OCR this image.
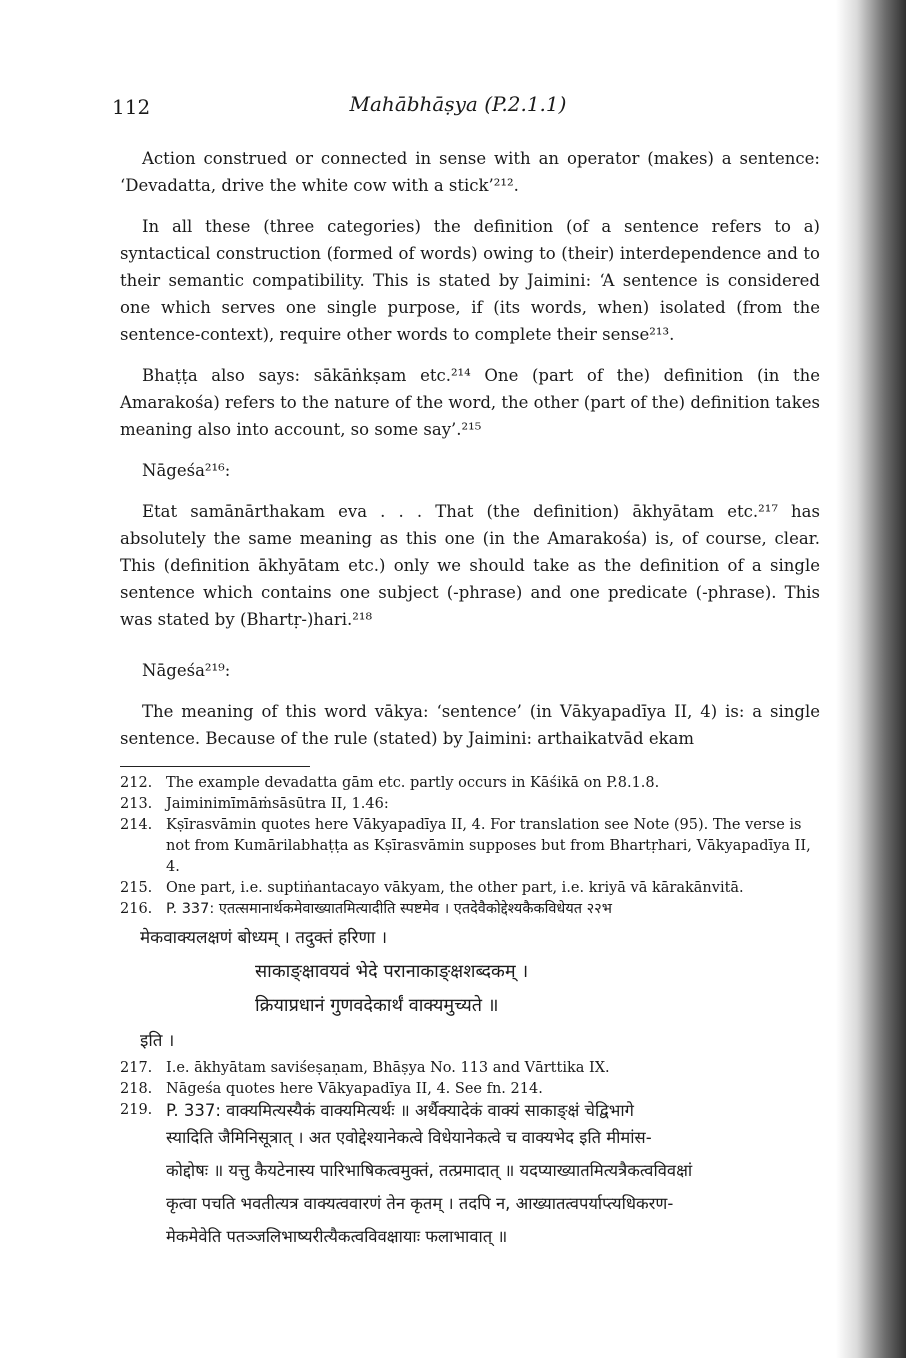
112	Mahābhāṣya (P.2.1.1)

Action construed or connected in sense with an operator (makes) a sentence: ‘Devadatta, drive the white cow with a stick’²¹².

In all these (three categories) the definition (of a sentence refers to a) syntactical construction (formed of words) owing to (their) interdependence and to their semantic compatibility. This is stated by Jaimini: ‘A sentence is considered one which serves one single purpose, if (its words, when) isolated (from the sentence-context), require other words to complete their sense²¹³.

Bhaṭṭa also says: sākāṅkṣam etc.²¹⁴ One (part of the) definition (in the Amarakośa) refers to the nature of the word, the other (part of the) definition takes meaning also into account, so some say’.²¹⁵

Nāgeśa²¹⁶:

Etat samānārthakam eva . . . That (the definition) ākhyātam etc.²¹⁷ has absolutely the same meaning as this one (in the Amarakośa) is, of course, clear. This (definition ākhyātam etc.) only we should take as the definition of a single sentence which contains one subject (-phrase) and one predicate (-phrase). This was stated by (Bhartṛ-)hari.²¹⁸

Nāgeśa²¹⁹:

The meaning of this word vākya: ‘sentence’ (in Vākyapadīya II, 4) is: a single sentence. Because of the rule (stated) by Jaimini: arthaikatvād ekam

212. The example devadatta gām etc. partly occurs in Kāśikā on P.8.1.8.
213. Jaiminimīmāṁsāsūtra II, 1.46:
214. Kṣīrasvāmin quotes here Vākyapadīya II, 4. For translation see Note (95). The verse is not from Kumārilabhaṭṭa as Kṣīrasvāmin supposes but from Bhartṛhari, Vākyapadīya II, 4.
215. One part, i.e. suptiṅantacayo vākyam, the other part, i.e. kriyā vā kārakānvitā.
216. P. 337: एतत्समानार्थकमेवाख्यातमित्यादीति स्पष्टमेव । एतदेवैकोद्देश्यकैकविधेयत २२भ
मेकवाक्यलक्षणं बोध्यम् । तदुक्तं हरिणा ।
साकाङ्क्षावयवं भेदे परानाकाङ्क्षशब्दकम् ।
क्रियाप्रधानं गुणवदेकार्थं वाक्यमुच्यते ॥
इति ।
217. I.e. ākhyātam saviśeṣaṇam, Bhāṣya No. 113 and Vārttika IX.
218. Nāgeśa quotes here Vākyapadīya II, 4. See fn. 214.
219. P. 337: वाक्यमित्यस्यैकं वाक्यमित्यर्थः ॥ अर्थैक्यादेकं वाक्यं साकाङ्क्षं चेद्विभागे
स्यादिति जैमिनिसूत्रात् । अत एवोद्देश्यानेकत्वे विधेयानेकत्वे च वाक्यभेद इति मीमांस-
कोद्दोषः ॥ यत्तु कैयटेनास्य पारिभाषिकत्वमुक्तं, तत्प्रमादात् ॥ यदप्याख्यातमित्यत्रैकत्वविवक्षां
कृत्वा पचति भवतीत्यत्र वाक्यत्ववारणं तेन कृतम् । तदपि न, आख्यातत्वपर्याप्त्यधिकरण-
मेकमेवेति पतञ्जलिभाष्यरीत्यैकत्वविवक्षायाः फलाभावात् ॥
